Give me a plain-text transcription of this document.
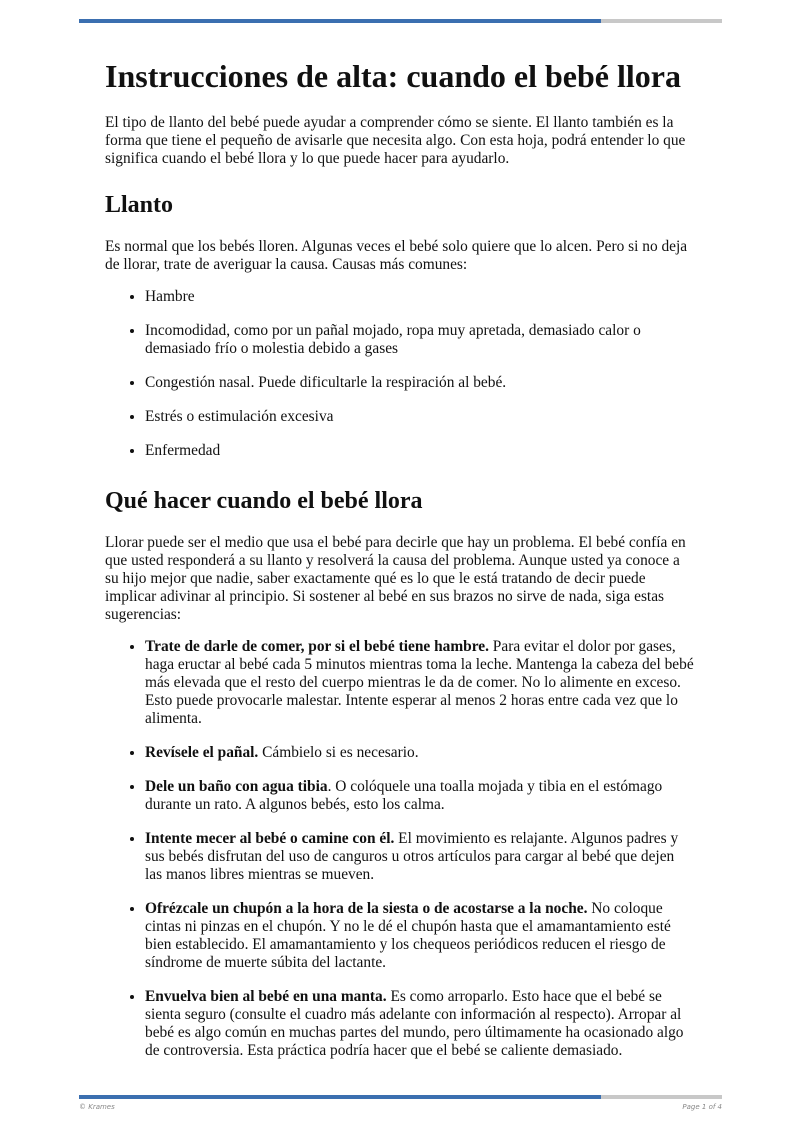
Instrucciones de alta: cuando el bebé llora

El tipo de llanto del bebé puede ayudar a comprender cómo se siente. El llanto también es la forma que tiene el pequeño de avisarle que necesita algo. Con esta hoja, podrá entender lo que significa cuando el bebé llora y lo que puede hacer para ayudarlo.

Llanto

Es normal que los bebés lloren. Algunas veces el bebé solo quiere que lo alcen. Pero si no deja de llorar, trate de averiguar la causa. Causas más comunes:

• Hambre
• Incomodidad, como por un pañal mojado, ropa muy apretada, demasiado calor o demasiado frío o molestia debido a gases
• Congestión nasal. Puede dificultarle la respiración al bebé.
• Estrés o estimulación excesiva
• Enfermedad
Qué hacer cuando el bebé llora

Llorar puede ser el medio que usa el bebé para decirle que hay un problema. El bebé confía en que usted responderá a su llanto y resolverá la causa del problema. Aunque usted ya conoce a su hijo mejor que nadie, saber exactamente qué es lo que le está tratando de decir puede implicar adivinar al principio. Si sostener al bebé en sus brazos no sirve de nada, siga estas sugerencias:

• Trate de darle de comer, por si el bebé tiene hambre. Para evitar el dolor por gases, haga eructar al bebé cada 5 minutos mientras toma la leche. Mantenga la cabeza del bebé más elevada que el resto del cuerpo mientras le da de comer. No lo alimente en exceso. Esto puede provocarle malestar. Intente esperar al menos 2 horas entre cada vez que lo alimenta.
• Revísele el pañal. Cámbielo si es necesario.
• Dele un baño con agua tibia. O colóquele una toalla mojada y tibia en el estómago durante un rato. A algunos bebés, esto los calma.
• Intente mecer al bebé o camine con él. El movimiento es relajante. Algunos padres y sus bebés disfrutan del uso de canguros u otros artículos para cargar al bebé que dejen las manos libres mientras se mueven.
• Ofrézcale un chupón a la hora de la siesta o de acostarse a la noche. No coloque cintas ni pinzas en el chupón. Y no le dé el chupón hasta que el amamantamiento esté bien establecido. El amamantamiento y los chequeos periódicos reducen el riesgo de síndrome de muerte súbita del lactante.
• Envuelva bien al bebé en una manta. Es como arroparlo. Esto hace que el bebé se sienta seguro (consulte el cuadro más adelante con información al respecto). Arropar al bebé es algo común en muchas partes del mundo, pero últimamente ha ocasionado algo de controversia. Esta práctica podría hacer que el bebé se caliente demasiado.
© Krames	Page 1 of 4
